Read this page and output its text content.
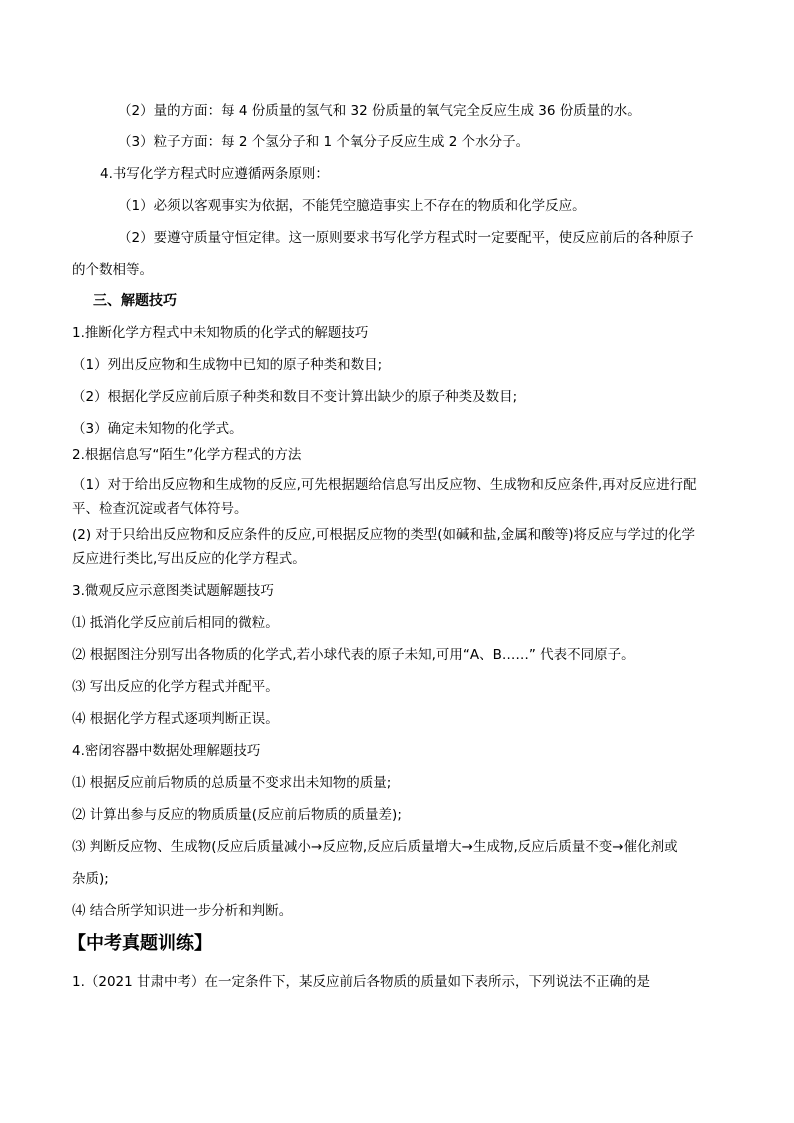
（2）量的方面：每 4 份质量的氢气和 32 份质量的氧气完全反应生成 36 份质量的水。
（3）粒子方面：每 2 个氢分子和 1 个氧分子反应生成 2 个水分子。
4.书写化学方程式时应遵循两条原则：
（1）必须以客观事实为依据，不能凭空臆造事实上不存在的物质和化学反应。
（2）要遵守质量守恒定律。这一原则要求书写化学方程式时一定要配平，使反应前后的各种原子
的个数相等。
三、解题技巧
1.推断化学方程式中未知物质的化学式的解题技巧
（1）列出反应物和生成物中已知的原子种类和数目;
（2）根据化学反应前后原子种类和数目不变计算出缺少的原子种类及数目;
（3）确定未知物的化学式。
2.根据信息写“陌生”化学方程式的方法
（1）对于给出反应物和生成物的反应,可先根据题给信息写出反应物、生成物和反应条件,再对反应进行配
平、检查沉淀或者气体符号。
(2) 对于只给出反应物和反应条件的反应,可根据反应物的类型(如碱和盐,金属和酸等)将反应与学过的化学
反应进行类比,写出反应的化学方程式。
3.微观反应示意图类试题解题技巧
⑴ 抵消化学反应前后相同的微粒。
⑵ 根据图注分别写出各物质的化学式,若小球代表的原子未知,可用“A、B……” 代表不同原子。
⑶ 写出反应的化学方程式并配平。
⑷ 根据化学方程式逐项判断正误。
4.密闭容器中数据处理解题技巧
⑴ 根据反应前后物质的总质量不变求出未知物的质量;
⑵ 计算出参与反应的物质质量(反应前后物质的质量差);
⑶ 判断反应物、生成物(反应后质量减小→反应物,反应后质量增大→生成物,反应后质量不变→催化剂或
杂质);
⑷ 结合所学知识进一步分析和判断。
【中考真题训练】
1.（2021 甘肃中考）在一定条件下，某反应前后各物质的质量如下表所示，下列说法不正确的是
